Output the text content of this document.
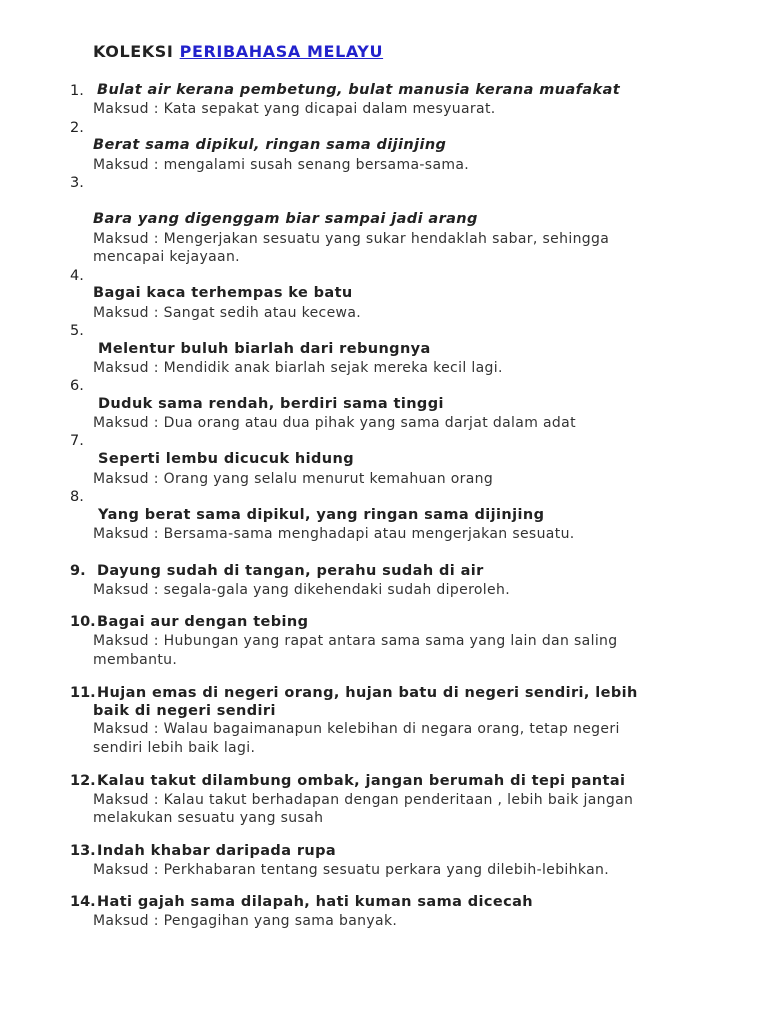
KOLEKSI PERIBAHASA MELAYU
1. Bulat air kerana pembetung, bulat manusia kerana muafakat
Maksud : Kata sepakat yang dicapai dalam mesyuarat.
2.
Berat sama dipikul, ringan sama dijinjing
Maksud : mengalami susah senang bersama-sama.
3.
Bara yang digenggam biar sampai jadi arang
Maksud : Mengerjakan sesuatu yang sukar hendaklah sabar, sehingga
mencapai kejayaan.
4.
Bagai kaca terhempas ke batu
Maksud : Sangat sedih atau kecewa.
5.
Melentur buluh biarlah dari rebungnya
Maksud : Mendidik anak biarlah sejak mereka kecil lagi.
6.
Duduk sama rendah, berdiri sama tinggi
Maksud : Dua orang atau dua pihak yang sama darjat dalam adat
7.
Seperti lembu dicucuk hidung
Maksud : Orang yang selalu menurut kemahuan orang
8.
Yang berat sama dipikul, yang ringan sama dijinjing
Maksud : Bersama-sama menghadapi atau mengerjakan sesuatu.
9. Dayung sudah di tangan, perahu sudah di air
Maksud : segala-gala yang dikehendaki sudah diperoleh.
10. Bagai aur dengan tebing
Maksud : Hubungan yang rapat antara sama sama yang lain dan saling
membantu.
11. Hujan emas di negeri orang, hujan batu di negeri sendiri, lebih
baik di negeri sendiri
Maksud : Walau bagaimanapun kelebihan di negara orang, tetap negeri
sendiri lebih baik lagi.
12. Kalau takut dilambung ombak, jangan berumah di tepi pantai
Maksud : Kalau takut berhadapan dengan penderitaan , lebih baik jangan
melakukan sesuatu yang susah
13. Indah khabar daripada rupa
Maksud : Perkhabaran tentang sesuatu perkara yang dilebih-lebihkan.
14. Hati gajah sama dilapah, hati kuman sama dicecah
Maksud : Pengagihan yang sama banyak.
